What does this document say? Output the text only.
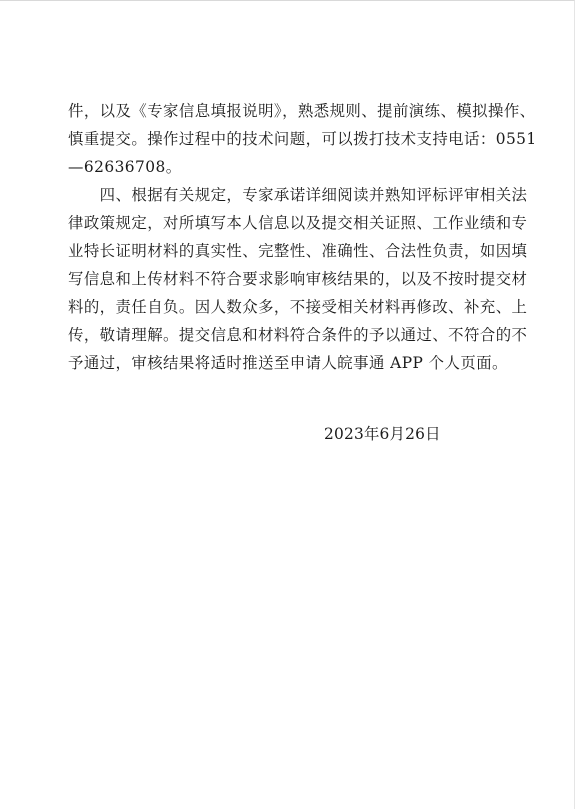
件，以及《专家信息填报说明》，熟悉规则、提前演练、模拟操作、
慎重提交。操作过程中的技术问题，可以拨打技术支持电话：0551
—62636708。
　　四、根据有关规定，专家承诺详细阅读并熟知评标评审相关法
律政策规定，对所填写本人信息以及提交相关证照、工作业绩和专
业特长证明材料的真实性、完整性、准确性、合法性负责，如因填
写信息和上传材料不符合要求影响审核结果的，以及不按时提交材
料的，责任自负。因人数众多，不接受相关材料再修改、补充、上
传，敬请理解。提交信息和材料符合条件的予以通过、不符合的不
予通过，审核结果将适时推送至申请人皖事通 APP 个人页面。
2023年6月26日
